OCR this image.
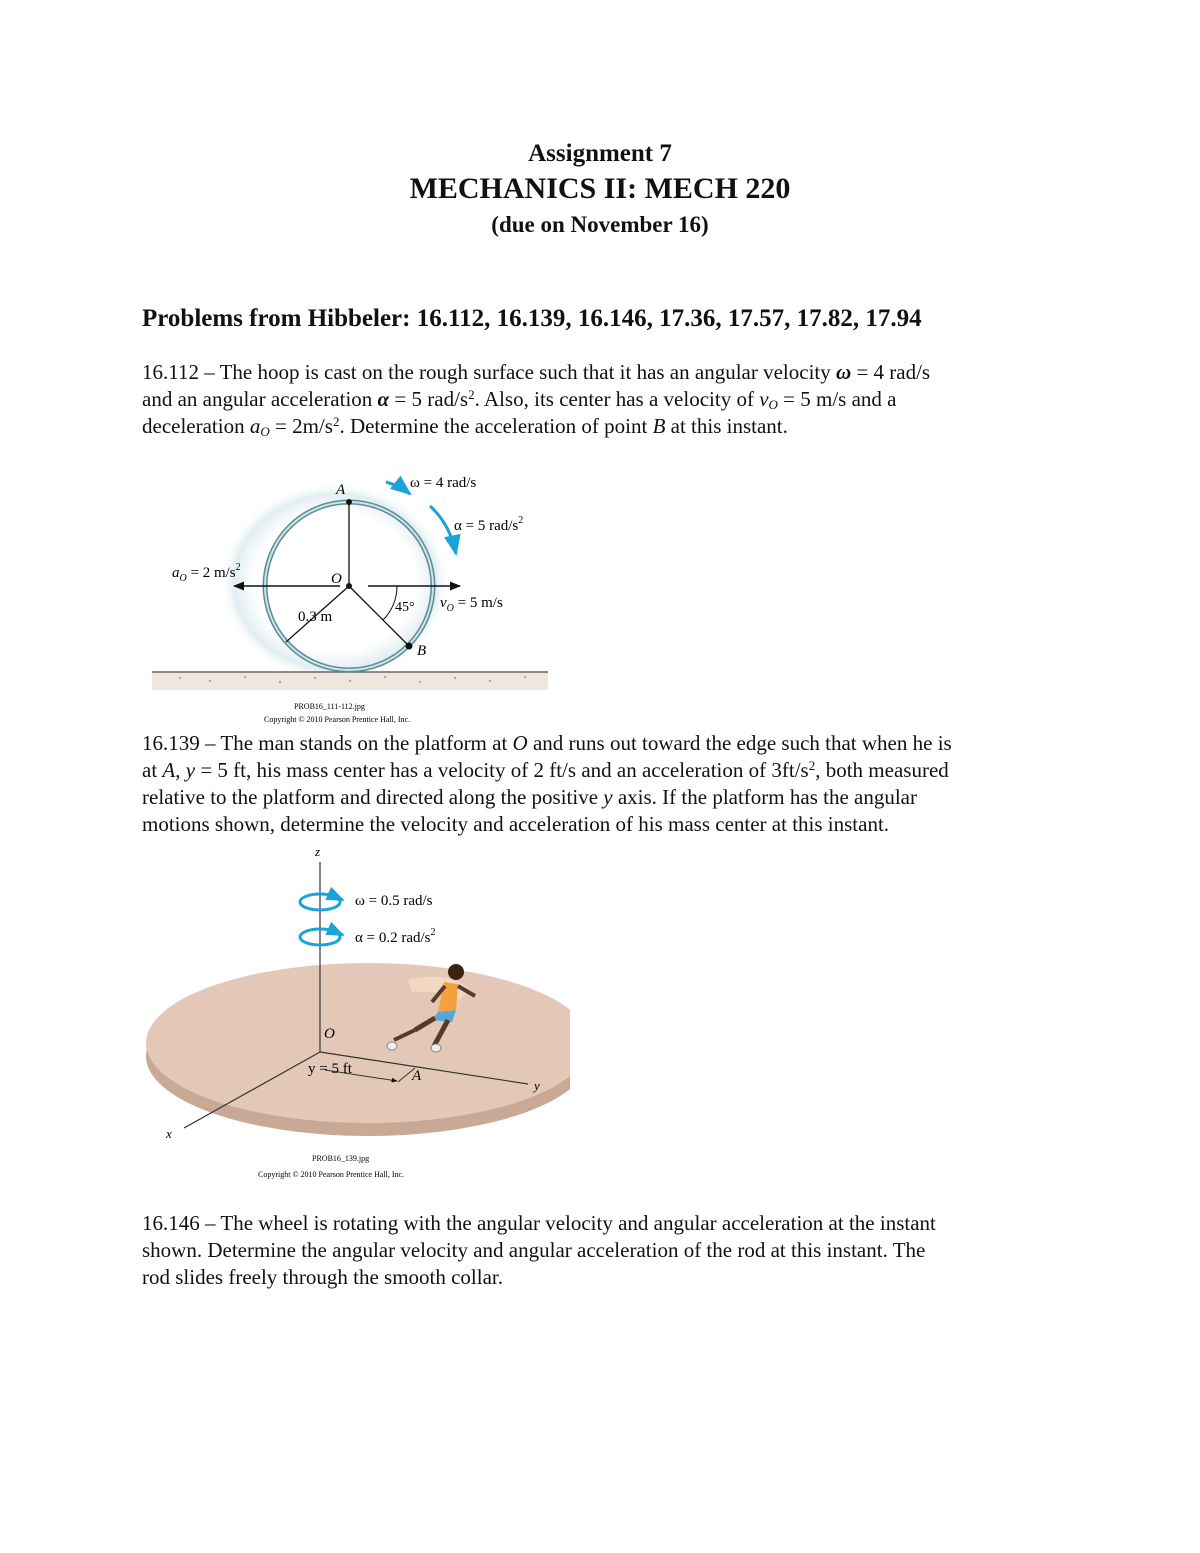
Assignment 7
MECHANICS II: MECH 220
(due on November 16)
Problems from Hibbeler: 16.112, 16.139, 16.146, 17.36, 17.57, 17.82, 17.94
16.112 – The hoop is cast on the rough surface such that it has an angular velocity ω = 4 rad/s
and an angular acceleration α = 5 rad/$s^2$. Also, its center has a velocity of $v_O = 5$ m/s and a
deceleration $a_O = 2m/s^2$. Determine the acceleration of point B at this instant.
A
O
B
0.3 m
45°
ω = 4 rad/s
α = 5 rad/$s^2$
$a_O = 2$ $m/s^2$
$v_O = 5$ m/s
PROB16_111-112.jpg
Copyright © 2010 Pearson Prentice Hall, Inc.
16.139 – The man stands on the platform at O and runs out toward the edge such that when he is
at A, y = 5 ft, his mass center has a velocity of 2 ft/s and an acceleration of $3ft/s^2$, both measured
relative to the platform and directed along the positive y axis. If the platform has the angular
motions shown, determine the velocity and acceleration of his mass center at this instant.
z
x
y
ω = 0.5 rad/s
α = 0.2 rad/$s^2$
O
A
y = 5 ft
PROB16_139.jpg
Copyright © 2010 Pearson Prentice Hall, Inc.
16.146 – The wheel is rotating with the angular velocity and angular acceleration at the instant
shown. Determine the angular velocity and angular acceleration of the rod at this instant. The
rod slides freely through the smooth collar.
